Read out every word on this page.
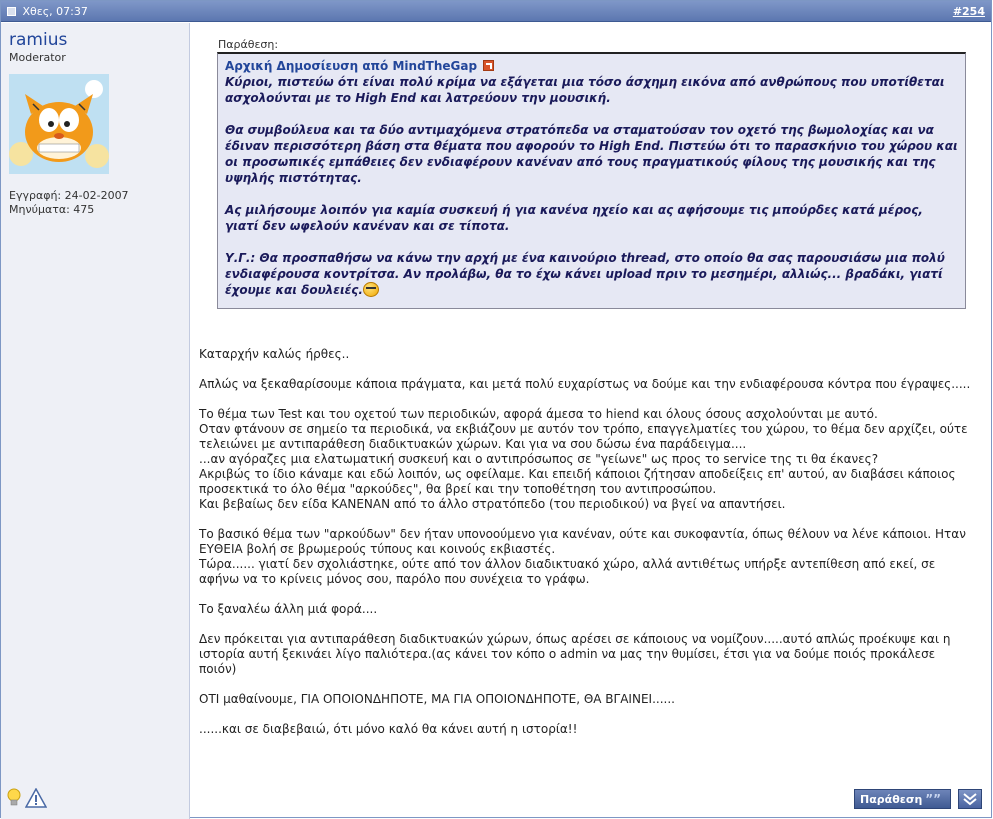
Χθες, 07:37	#254
ramius
Moderator
Εγγραφή: 24-02-2007
Μηνύματα: 475

Παράθεση:
Αρχική Δημοσίευση από MindTheGap

Κύριοι, πιστεύω ότι είναι πολύ κρίμα να εξάγεται μια τόσο άσχημη εικόνα από ανθρώπους που υποτίθεται ασχολούνται με το High End και λατρεύουν την μουσική.

Θα συμβούλευα και τα δύο αντιμαχόμενα στρατόπεδα να σταματούσαν τον οχετό της βωμολοχίας και να έδιναν περισσότερη βάση στα θέματα που αφορούν το High End. Πιστεύω ότι το παρασκήνιο του χώρου και οι προσωπικές εμπάθειες δεν ενδιαφέρουν κανέναν από τους πραγματικούς φίλους της μουσικής και της υψηλής πιστότητας.

Ας μιλήσουμε λοιπόν για καμία συσκευή ή για κανένα ηχείο και ας αφήσουμε τις μπούρδες κατά μέρος, γιατί δεν ωφελούν κανέναν και σε τίποτα.

Υ.Γ.: Θα προσπαθήσω να κάνω την αρχή με ένα καινούριο thread, στο οποίο θα σας παρουσιάσω μια πολύ ενδιαφέρουσα κοντρίτσα. Αν προλάβω, θα το έχω κάνει upload πριν το μεσημέρι, αλλιώς... βραδάκι, γιατί έχουμε και δουλειές.

Καταρχήν καλώς ήρθες..

Απλώς να ξεκαθαρίσουμε κάποια πράγματα, και μετά πολύ ευχαρίστως να δούμε και την ενδιαφέρουσα κόντρα που έγραψες.....

Το θέμα των Test και του οχετού των περιοδικών, αφορά άμεσα το hiend και όλους όσους ασχολούνται με αυτό.
Οταν φτάνουν σε σημείο τα περιοδικά, να εκβιάζουν με αυτόν τον τρόπο, επαγγελματίες του χώρου, το θέμα δεν αρχίζει, ούτε τελειώνει με αντιπαράθεση διαδικτυακών χώρων. Και για να σου δώσω ένα παράδειγμα....
...αν αγόραζες μια ελατωματική συσκευή και ο αντιπρόσωπος σε "γείωνε" ως προς το service της τι θα έκανες?
Ακριβώς το ίδιο κάναμε και εδώ λοιπόν, ως οφείλαμε. Και επειδή κάποιοι ζήτησαν αποδείξεις επ' αυτού, αν διαβάσει κάποιος προσεκτικά το όλο θέμα "αρκούδες", θα βρεί και την τοποθέτηση του αντιπροσώπου.
Και βεβαίως δεν είδα ΚΑΝΕΝΑΝ από το άλλο στρατόπεδο (του περιοδικού) να βγεί να απαντήσει.

Το βασικό θέμα των "αρκούδων" δεν ήταν υπονοούμενο για κανέναν, ούτε και συκοφαντία, όπως θέλουν να λένε κάποιοι. Ηταν ΕΥΘΕΙΑ βολή σε βρωμερούς τύπους και κοινούς εκβιαστές.
Τώρα...... γιατί δεν σχολιάστηκε, ούτε από τον άλλον διαδικτυακό χώρο, αλλά αντιθέτως υπήρξε αντεπίθεση από εκεί, σε αφήνω να το κρίνεις μόνος σου, παρόλο που συνέχεια το γράφω.

Το ξαναλέω άλλη μιά φορά....

Δεν πρόκειται για αντιπαράθεση διαδικτυακών χώρων, όπως αρέσει σε κάποιους να νομίζουν.....αυτό απλώς προέκυψε και η ιστορία αυτή ξεκινάει λίγο παλιότερα.(ας κάνει τον κόπο ο admin να μας την θυμίσει, έτσι για να δούμε ποιός προκάλεσε ποιόν)

ΟΤΙ μαθαίνουμε, ΓΙΑ ΟΠΟΙΟΝΔΗΠΟΤΕ, ΜΑ ΓΙΑ ΟΠΟΙΟΝΔΗΠΟΤΕ, ΘΑ ΒΓΑΙΝΕΙ......

......και σε διαβεβαιώ, ότι μόνο καλό θα κάνει αυτή η ιστορία!!

Παράθεση ””
